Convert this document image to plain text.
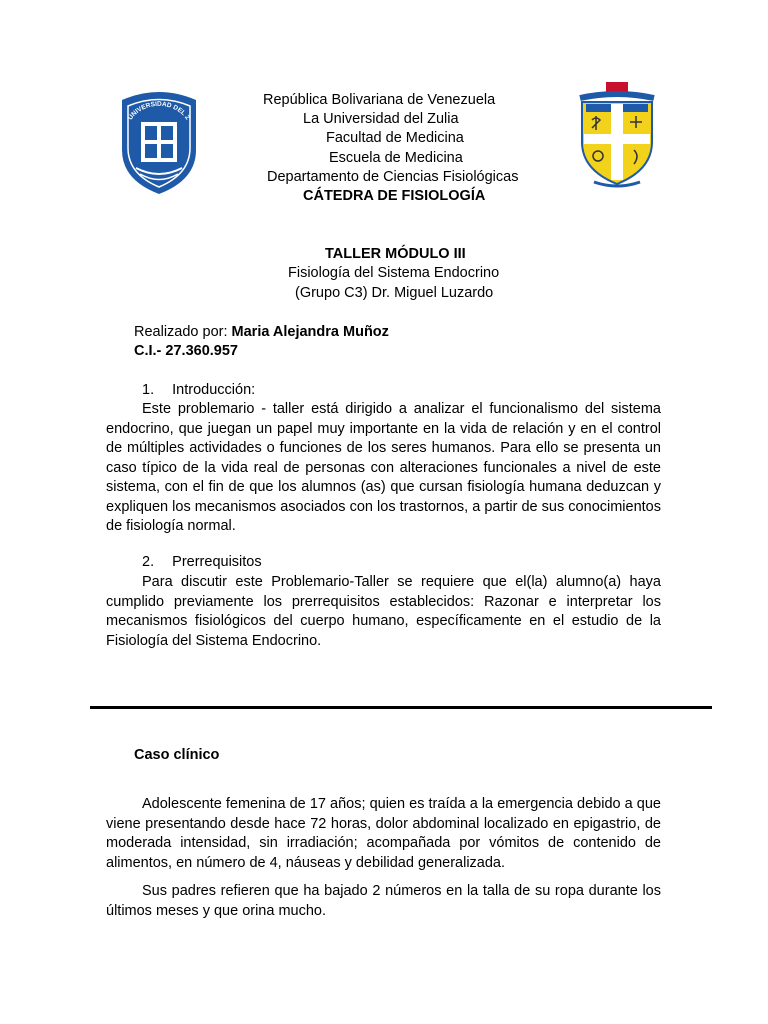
UNIVERSIDAD DEL Z
República Bolivariana de Venezuela
La Universidad del Zulia
Facultad de Medicina
Escuela de Medicina
Departamento de Ciencias Fisiológicas
CÁTEDRA DE FISIOLOGÍA
TALLER MÓDULO III
Fisiología del Sistema Endocrino
(Grupo C3) Dr. Miguel Luzardo
Realizado por: Maria Alejandra Muñoz
C.I.- 27.360.957
1. Introducción:
Este problemario - taller está dirigido a analizar el funcionalismo del sistema endocrino, que juegan un papel muy importante en la vida de relación y en el control de múltiples actividades o funciones de los seres humanos. Para ello se presenta un caso típico de la vida real de personas con alteraciones funcionales a nivel de este sistema, con el fin de que los alumnos (as) que cursan fisiología humana deduzcan y expliquen los mecanismos asociados con los trastornos, a partir de sus conocimientos de fisiología normal.
2. Prerrequisitos
Para discutir este Problemario-Taller se requiere que el(la) alumno(a) haya cumplido previamente los prerrequisitos establecidos: Razonar e interpretar los mecanismos fisiológicos del cuerpo humano, específicamente en el estudio de la Fisiología del Sistema Endocrino.
Caso clínico
Adolescente femenina de 17 años; quien es traída a la emergencia debido a que viene presentando desde hace 72 horas, dolor abdominal localizado en epigastrio, de moderada intensidad, sin irradiación; acompañada por vómitos de contenido de alimentos, en número de 4, náuseas y debilidad generalizada.
Sus padres refieren que ha bajado 2 números en la talla de su ropa durante los últimos meses y que orina mucho.
